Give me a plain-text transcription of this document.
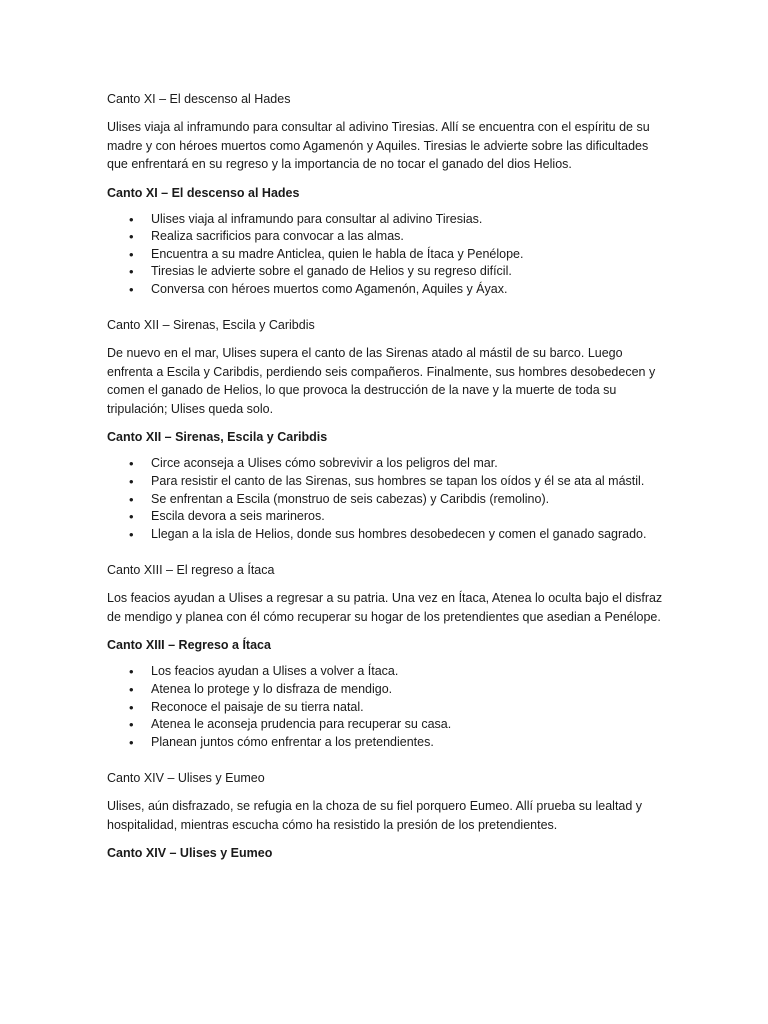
Canto XI – El descenso al Hades
Ulises viaja al inframundo para consultar al adivino Tiresias. Allí se encuentra con el espíritu de su madre y con héroes muertos como Agamenón y Aquiles. Tiresias le advierte sobre las dificultades que enfrentará en su regreso y la importancia de no tocar el ganado del dios Helios.
Canto XI – El descenso al Hades
• Ulises viaja al inframundo para consultar al adivino Tiresias.
• Realiza sacrificios para convocar a las almas.
• Encuentra a su madre Anticlea, quien le habla de Ítaca y Penélope.
• Tiresias le advierte sobre el ganado de Helios y su regreso difícil.
• Conversa con héroes muertos como Agamenón, Aquiles y Áyax.
Canto XII – Sirenas, Escila y Caribdis
De nuevo en el mar, Ulises supera el canto de las Sirenas atado al mástil de su barco. Luego enfrenta a Escila y Caribdis, perdiendo seis compañeros. Finalmente, sus hombres desobedecen y comen el ganado de Helios, lo que provoca la destrucción de la nave y la muerte de toda su tripulación; Ulises queda solo.
Canto XII – Sirenas, Escila y Caribdis
• Circe aconseja a Ulises cómo sobrevivir a los peligros del mar.
• Para resistir el canto de las Sirenas, sus hombres se tapan los oídos y él se ata al mástil.
• Se enfrentan a Escila (monstruo de seis cabezas) y Caribdis (remolino).
• Escila devora a seis marineros.
• Llegan a la isla de Helios, donde sus hombres desobedecen y comen el ganado sagrado.
Canto XIII – El regreso a Ítaca
Los feacios ayudan a Ulises a regresar a su patria. Una vez en Ítaca, Atenea lo oculta bajo el disfraz de mendigo y planea con él cómo recuperar su hogar de los pretendientes que asedian a Penélope.
Canto XIII – Regreso a Ítaca
• Los feacios ayudan a Ulises a volver a Ítaca.
• Atenea lo protege y lo disfraza de mendigo.
• Reconoce el paisaje de su tierra natal.
• Atenea le aconseja prudencia para recuperar su casa.
• Planean juntos cómo enfrentar a los pretendientes.
Canto XIV – Ulises y Eumeo
Ulises, aún disfrazado, se refugia en la choza de su fiel porquero Eumeo. Allí prueba su lealtad y hospitalidad, mientras escucha cómo ha resistido la presión de los pretendientes.
Canto XIV – Ulises y Eumeo
